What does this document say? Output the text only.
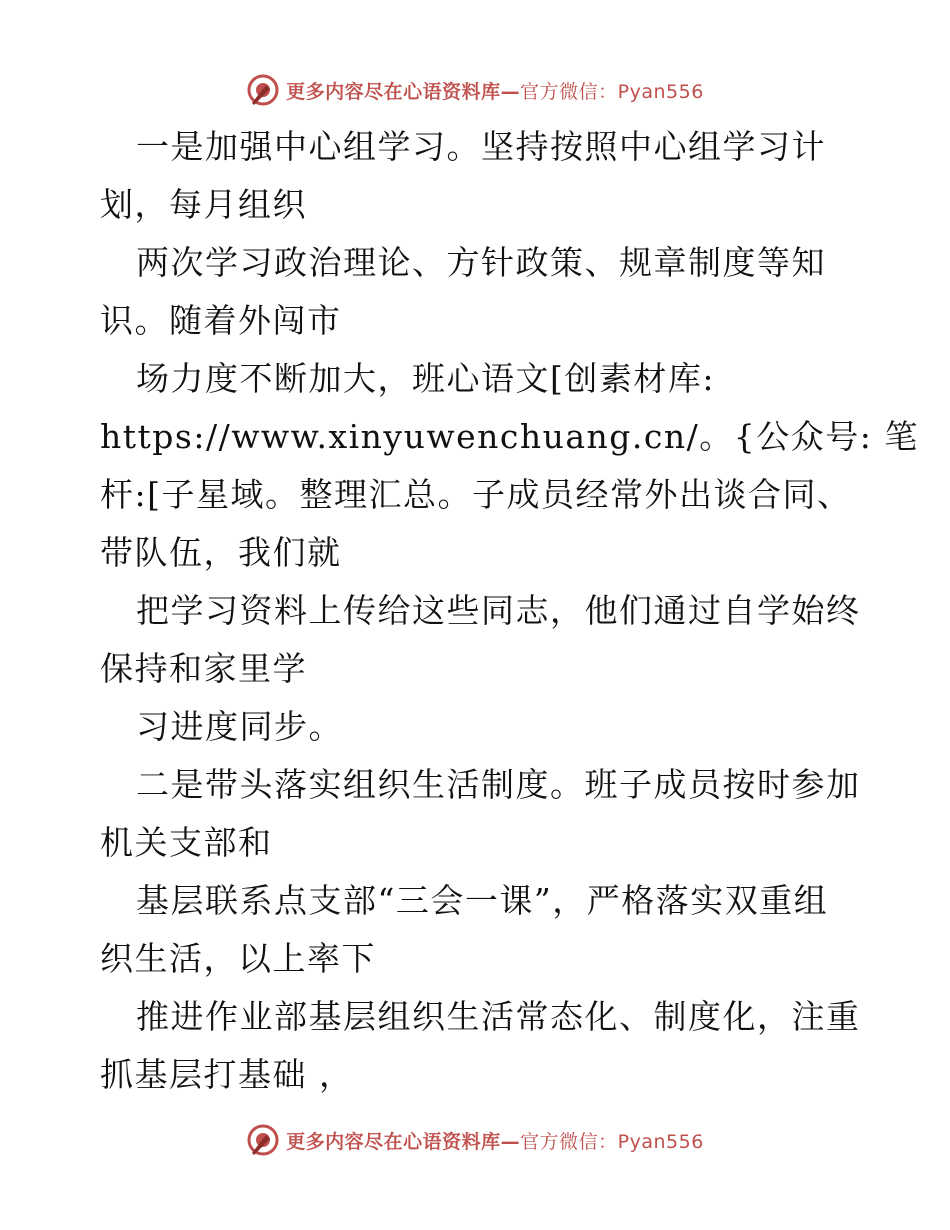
更多内容尽在心语资料库—官方微信：Pyan556
一是加强中心组学习。坚持按照中心组学习计
划，每月组织
两次学习政治理论、方针政策、规章制度等知
识。随着外闯市
场力度不断加大，班心语文[创素材库:
https://www.xinyuwenchuang.cn/。{公众号: 笔
杆:[子星域。整理汇总。子成员经常外出谈合同、
带队伍，我们就
把学习资料上传给这些同志，他们通过自学始终
保持和家里学
习进度同步。
二是带头落实组织生活制度。班子成员按时参加
机关支部和
基层联系点支部“三会一课”，严格落实双重组
织生活，以上率下
推进作业部基层组织生活常态化、制度化，注重
抓基层打基础 ，
更多内容尽在心语资料库—官方微信：Pyan556
